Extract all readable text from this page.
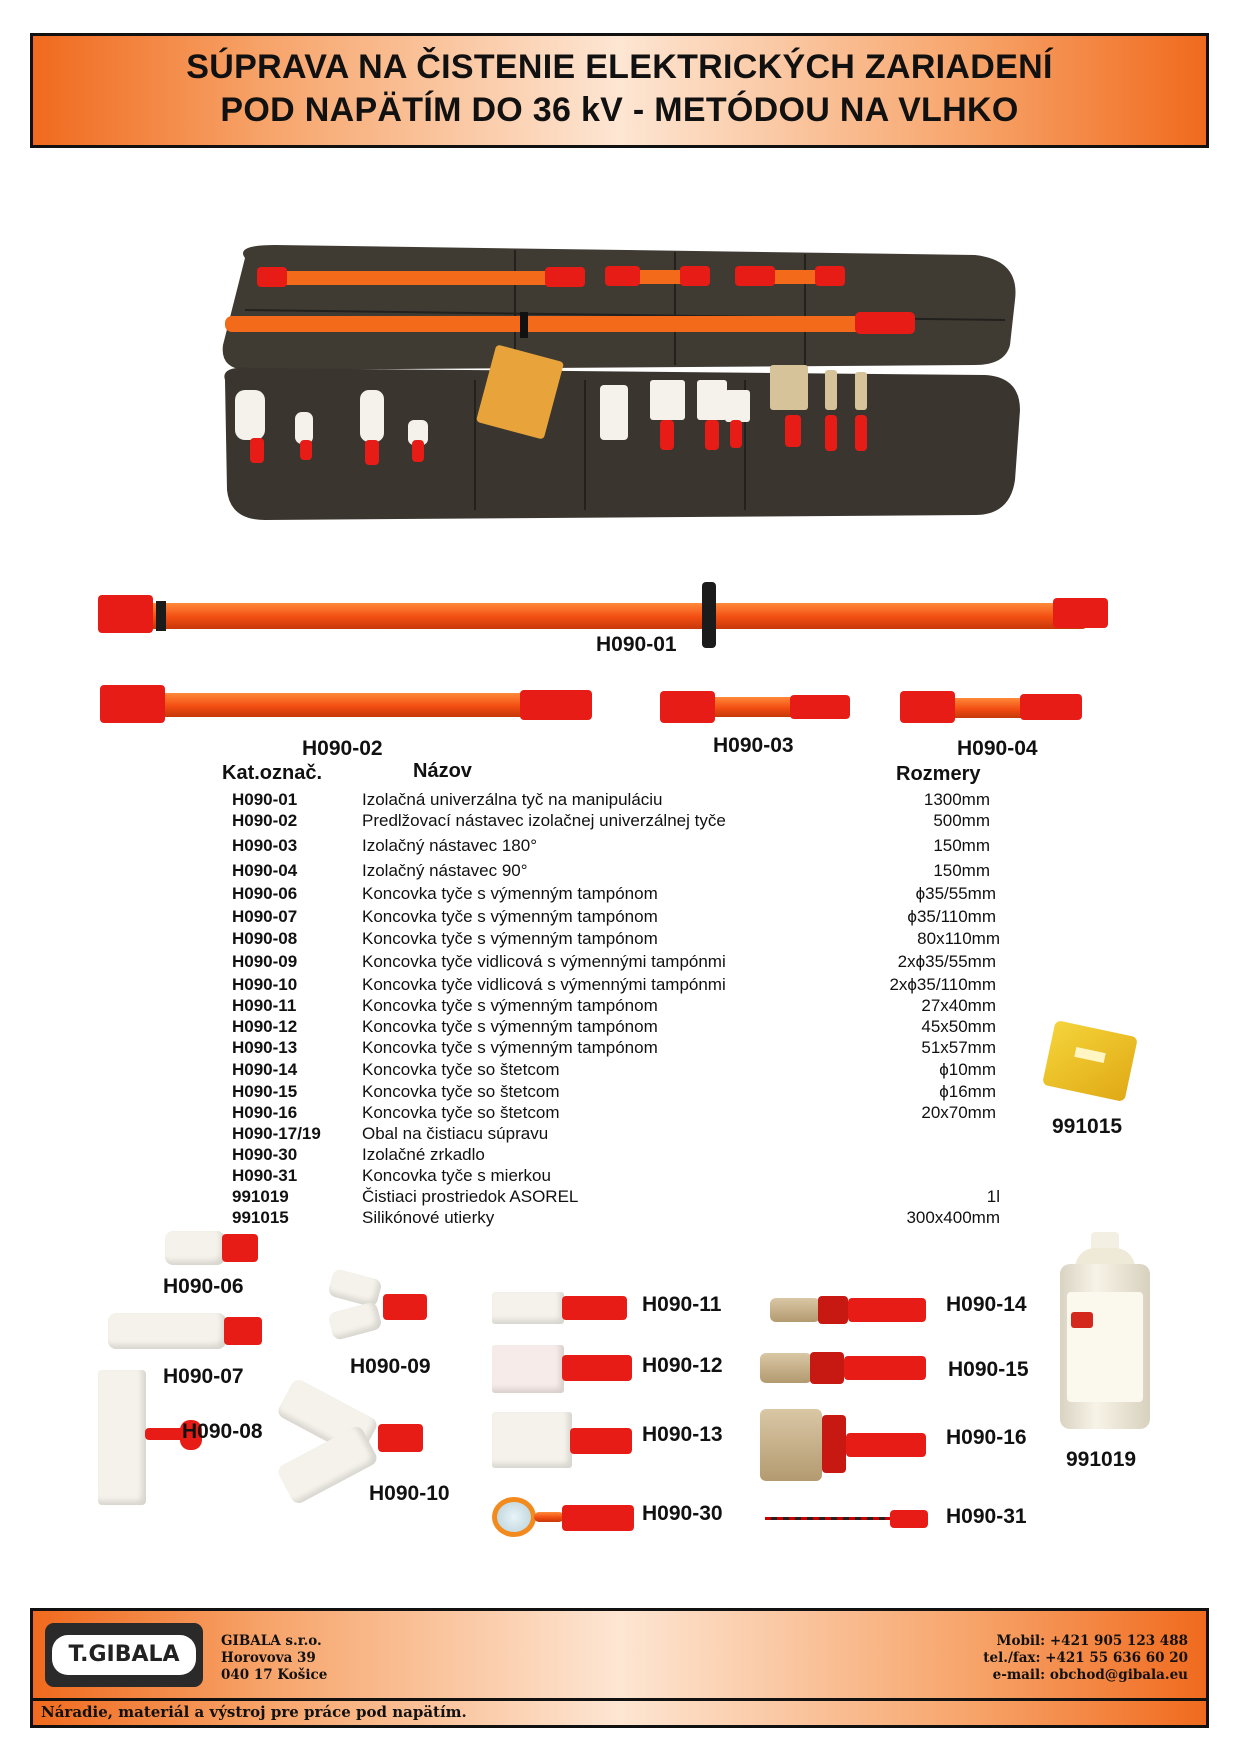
SÚPRAVA NA ČISTENIE ELEKTRICKÝCH ZARIADENÍ
POD NAPÄTÍM DO 36 kV - METÓDOU NA VLHKO
H090-01
H090-02	H090-03	H090-04
Kat.označ.	Názov	Rozmery
H090-01	Izolačná univerzálna tyč na manipuláciu	1300mm
H090-02	Predlžovací nástavec izolačnej univerzálnej tyče	500mm
H090-03	Izolačný nástavec 180°	150mm
H090-04	Izolačný nástavec 90°	150mm
H090-06	Koncovka tyče s výmenným tampónom	ϕ35/55mm
H090-07	Koncovka tyče s výmenným tampónom	ϕ35/110mm
H090-08	Koncovka tyče s výmenným tampónom	80x110mm
H090-09	Koncovka tyče vidlicová s výmennými tampónmi	2xϕ35/55mm
H090-10	Koncovka tyče vidlicová s výmennými tampónmi	2xϕ35/110mm
H090-11	Koncovka tyče s výmenným tampónom	27x40mm
H090-12	Koncovka tyče s výmenným tampónom	45x50mm
H090-13	Koncovka tyče s výmenným tampónom	51x57mm
H090-14	Koncovka tyče so štetcom	ϕ10mm
H090-15	Koncovka tyče so štetcom	ϕ16mm
H090-16	Koncovka tyče so štetcom	20x70mm
H090-17/19 Obal na čistiacu súpravu
H090-30	Izolačné zrkadlo
H090-31	Koncovka tyče s mierkou
991019	Čistiaci prostriedok ASOREL	1l
991015	Silikónové utierky	300x400mm
991015
H090-06
H090-07
H090-08
H090-09
H090-10
H090-11
H090-12
H090-13
H090-30
H090-14
H090-15
H090-16
H090-31
991019
T.GIBALA
GIBALA s.r.o.
Horovova 39
040 17 Košice
Mobil: +421 905 123 488
tel./fax: +421 55 636 60 20
e-mail: obchod@gibala.eu
Náradie, materiál a výstroj pre práce pod napätím.
